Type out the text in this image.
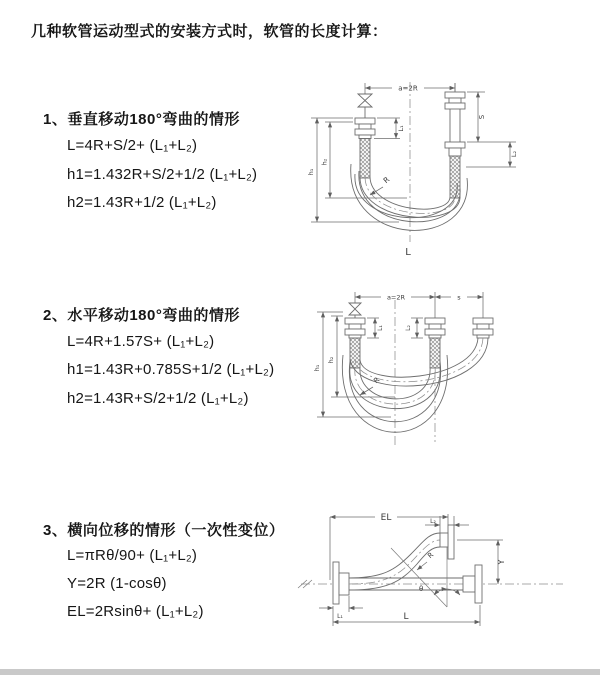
几种软管运动型式的安装方式时，软管的长度计算：
1、垂直移动180°弯曲的情形
L=4R+S/2+ (L₁+L₂)
h1=1.432R+S/2+1/2 (L₁+L₂)
h2=1.43R+1/2 (L₁+L₂)
2、水平移动180°弯曲的情形
L=4R+1.57S+ (L₁+L₂)
h1=1.43R+0.785S+1/2 (L₁+L₂)
h2=1.43R+S/2+1/2 (L₁+L₂)
3、横向位移的情形（一次性变位）
L=πRθ/90+ (L₁+L₂)
Y=2R (1-cosθ)
EL=2Rsinθ+ (L₁+L₂)
a=2R
L₁
S
L₂
h₁
h₂
R
L
a=2R	s
L₁	L₂
h₁
h₂
R
θ
R
EL	L₂
Y
L₁	L
